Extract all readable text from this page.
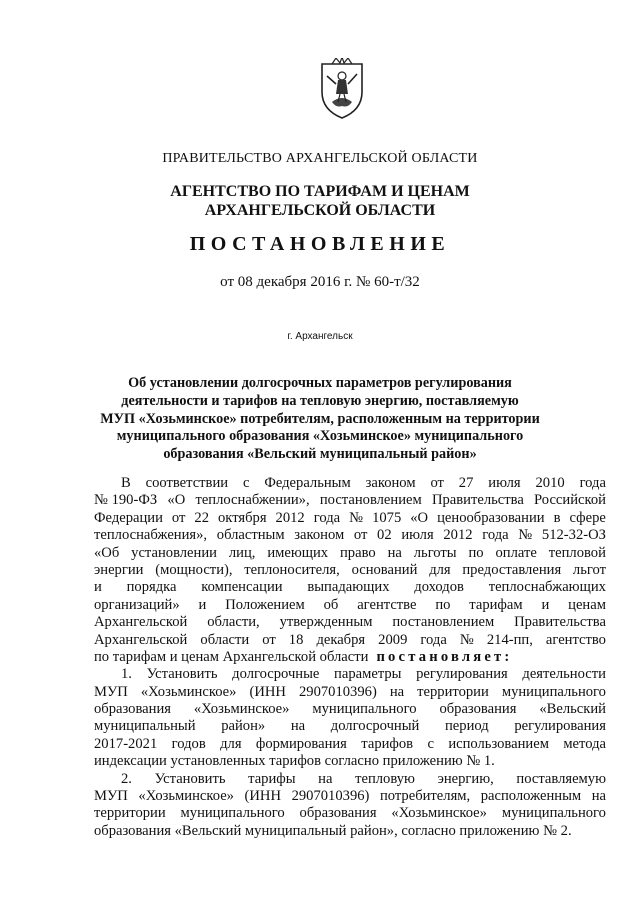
ПРАВИТЕЛЬСТВО АРХАНГЕЛЬСКОЙ ОБЛАСТИ
АГЕНТСТВО ПО ТАРИФАМ И ЦЕНАМ
АРХАНГЕЛЬСКОЙ ОБЛАСТИ
ПОСТАНОВЛЕНИЕ
от 08 декабря 2016 г. № 60-т/32
г. Архангельск
Об установлении долгосрочных параметров регулирования
деятельности и тарифов на тепловую энергию, поставляемую
МУП «Хозьминское» потребителям, расположенным на территории
муниципального образования «Хозьминское» муниципального
образования «Вельский муниципальный район»
В соответствии с Федеральным законом от 27 июля 2010 года
№ 190-ФЗ «О теплоснабжении», постановлением Правительства Российской
Федерации от 22 октября 2012 года № 1075 «О ценообразовании в сфере
теплоснабжения», областным законом от 02 июля 2012 года № 512-32-ОЗ
«Об установлении лиц, имеющих право на льготы по оплате тепловой
энергии (мощности), теплоносителя, оснований для предоставления льгот
и порядка компенсации выпадающих доходов теплоснабжающих
организаций» и Положением об агентстве по тарифам и ценам
Архангельской области, утвержденным постановлением Правительства
Архангельской области от 18 декабря 2009 года № 214-пп, агентство
по тарифам и ценам Архангельской области постановляет:
1. Установить долгосрочные параметры регулирования деятельности
МУП «Хозьминское» (ИНН 2907010396) на территории муниципального
образования «Хозьминское» муниципального образования «Вельский
муниципальный район» на долгосрочный период регулирования
2017-2021 годов для формирования тарифов с использованием метода
индексации установленных тарифов согласно приложению № 1.
2. Установить тарифы на тепловую энергию, поставляемую
МУП «Хозьминское» (ИНН 2907010396) потребителям, расположенным на
территории муниципального образования «Хозьминское» муниципального
образования «Вельский муниципальный район», согласно приложению № 2.
